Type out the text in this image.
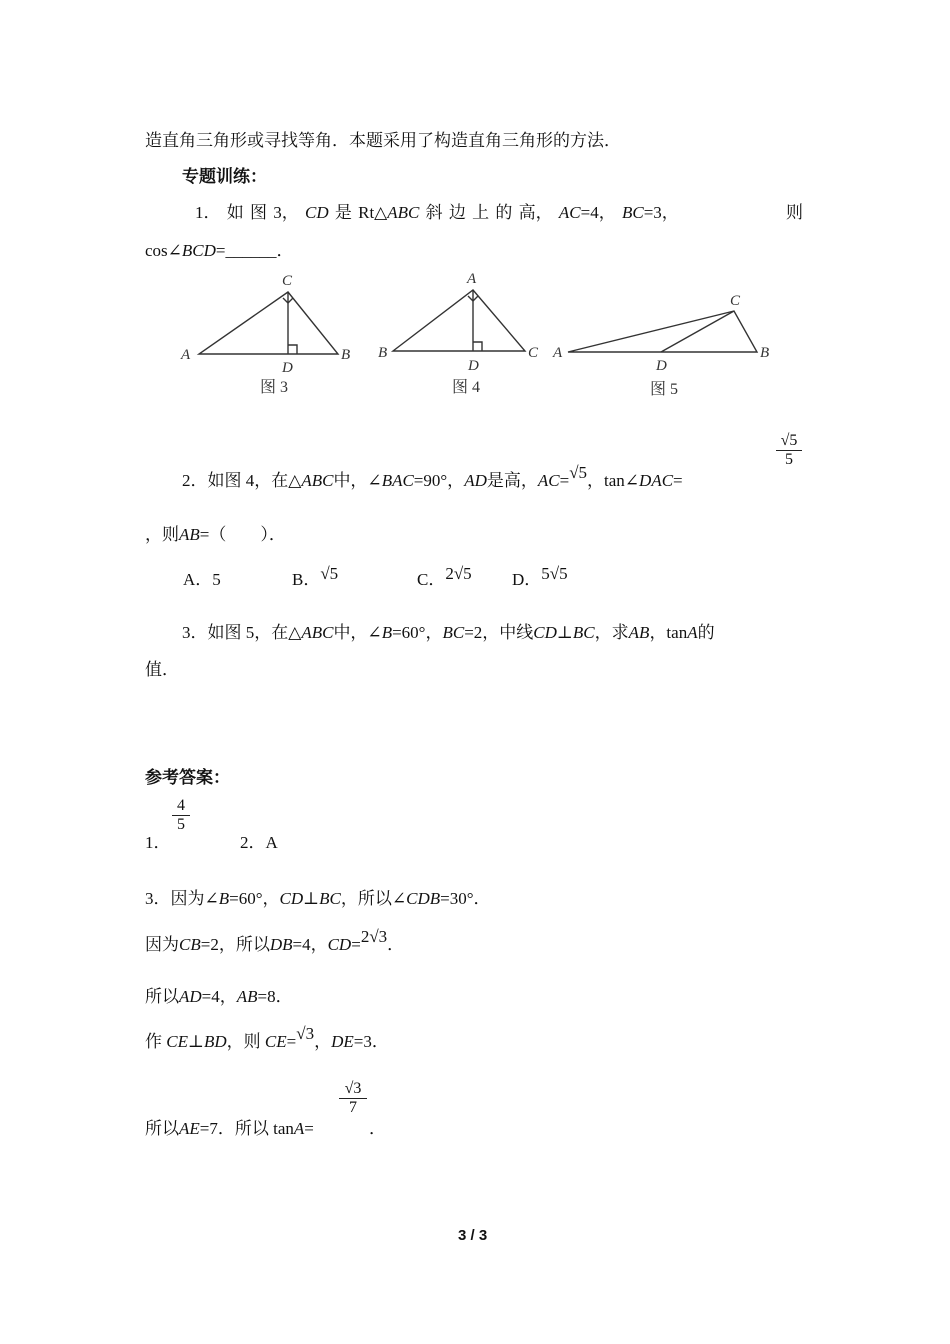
造直角三角形或寻找等角．本题采用了构造直角三角形的方法．
专题训练：
1． 如 图 3， CD 是 Rt△ABC 斜 边 上 的 高， AC=4， BC=3，	则
cos∠BCD=______．
A	B
C
D
B	C
A
D
A	B
C
D
图 3	图 4	图 5
2．如图 4，在△ABC中，∠BAC=90°，AD是高，AC=√5，tan∠DAC=
$\frac{√5}{5}$
，则AB=（　　）．
A．5	B．√5	C．2√5 D．5√5
3．如图 5，在△ABC中，∠B=60°，BC=2，中线CD⊥BC，求AB，tanA的
值．
参考答案：
1．
$\frac{4}{5}$
2．A
3．因为∠B=60°，CD⊥BC，所以∠CDB=30°．
因为CB=2，所以DB=4，CD=2√3．
所以AD=4，AB=8．
作 CE⊥BD，则 CE=√3，DE=3．
所以AE=7．所以 tanA=
$\frac{√3}{7}$
．
3 / 3
